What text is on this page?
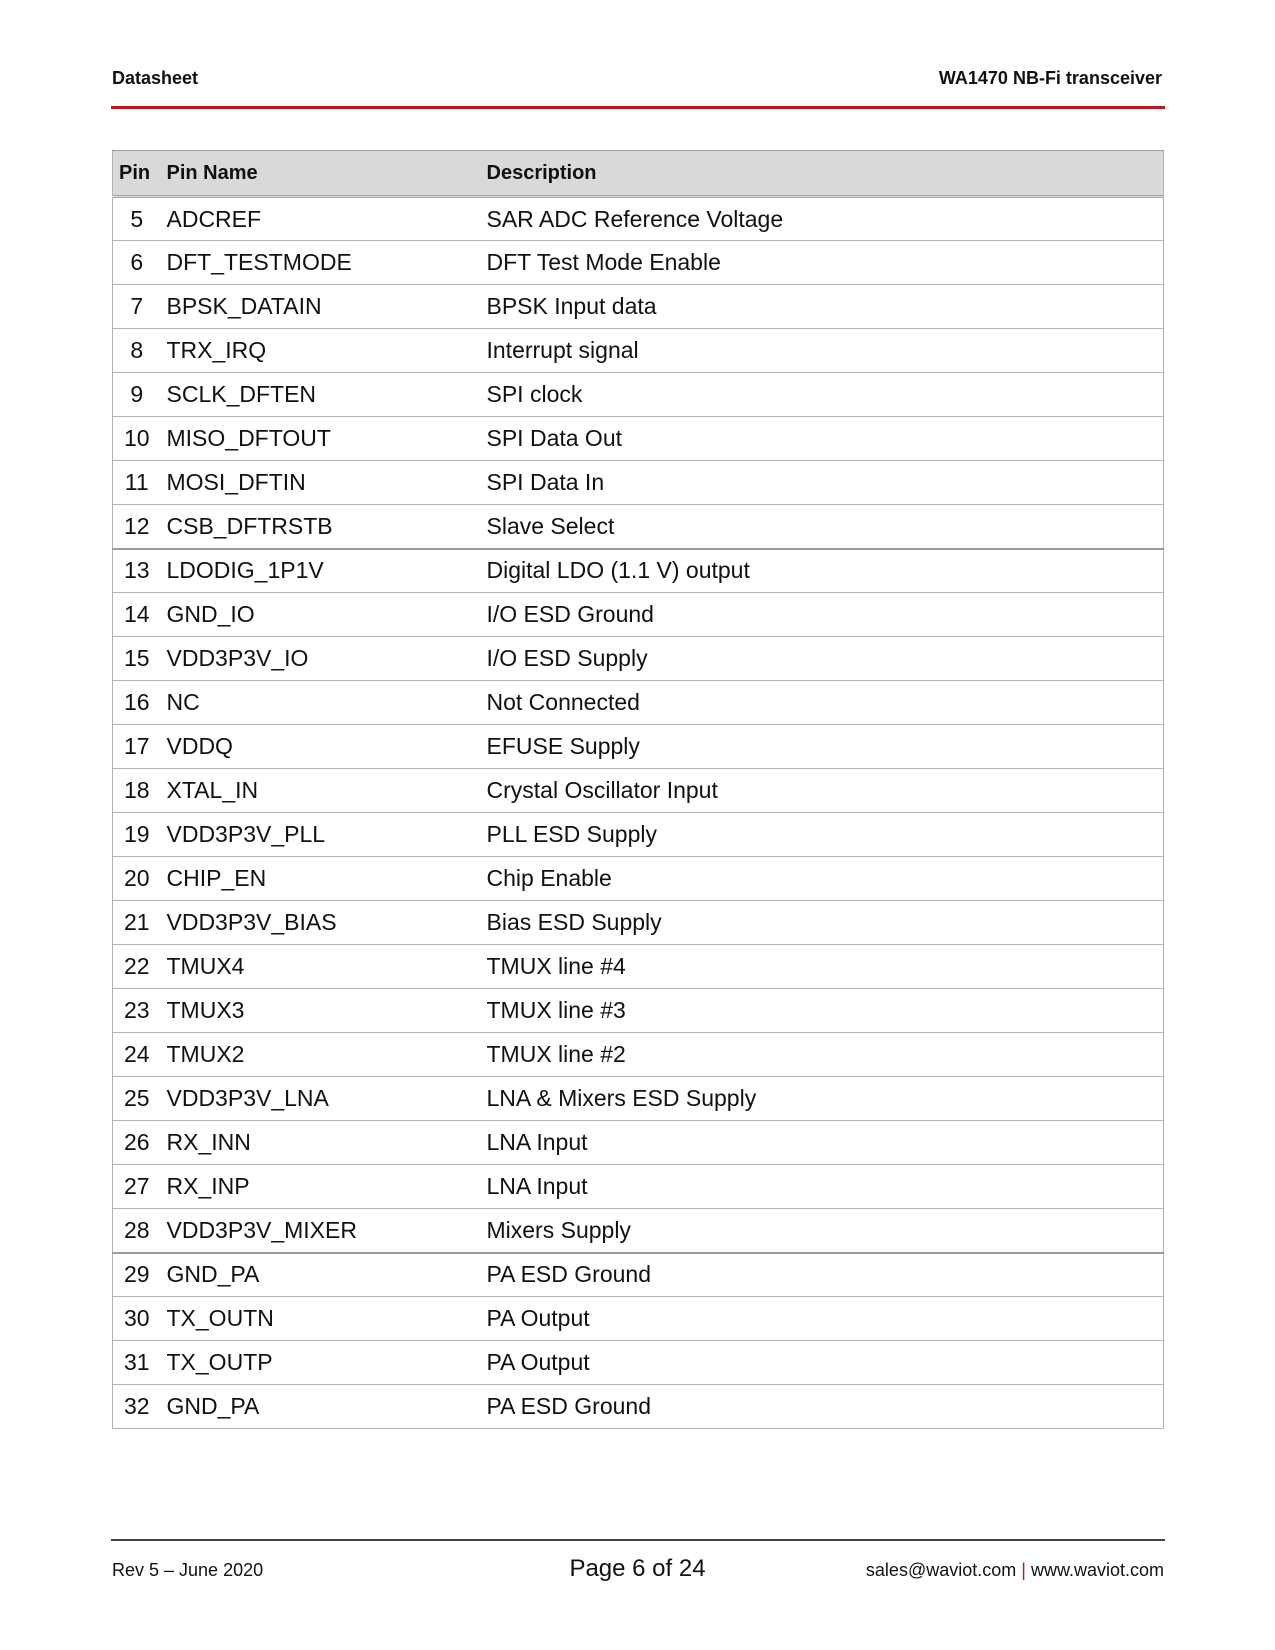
Datasheet	WA1470 NB-Fi transceiver
Pin	Pin Name	Description
5	ADCREF	SAR ADC Reference Voltage
6	DFT_TESTMODE	DFT Test Mode Enable
7	BPSK_DATAIN	BPSK Input data
8	TRX_IRQ	Interrupt signal
9	SCLK_DFTEN	SPI clock
10	MISO_DFTOUT	SPI Data Out
11	MOSI_DFTIN	SPI Data In
12	CSB_DFTRSTB	Slave Select
13	LDODIG_1P1V	Digital LDO (1.1 V) output
14	GND_IO	I/O ESD Ground
15	VDD3P3V_IO	I/O ESD Supply
16	NC	Not Connected
17	VDDQ	EFUSE Supply
18	XTAL_IN	Crystal Oscillator Input
19	VDD3P3V_PLL	PLL ESD Supply
20	CHIP_EN	Chip Enable
21	VDD3P3V_BIAS	Bias ESD Supply
22	TMUX4	TMUX line #4
23	TMUX3	TMUX line #3
24	TMUX2	TMUX line #2
25	VDD3P3V_LNA	LNA & Mixers ESD Supply
26	RX_INN	LNA Input
27	RX_INP	LNA Input
28	VDD3P3V_MIXER	Mixers Supply
29	GND_PA	PA ESD Ground
30	TX_OUTN	PA Output
31	TX_OUTP	PA Output
32	GND_PA	PA ESD Ground
Rev 5 – June 2020	Page 6 of 24	sales@waviot.com | www.waviot.com
